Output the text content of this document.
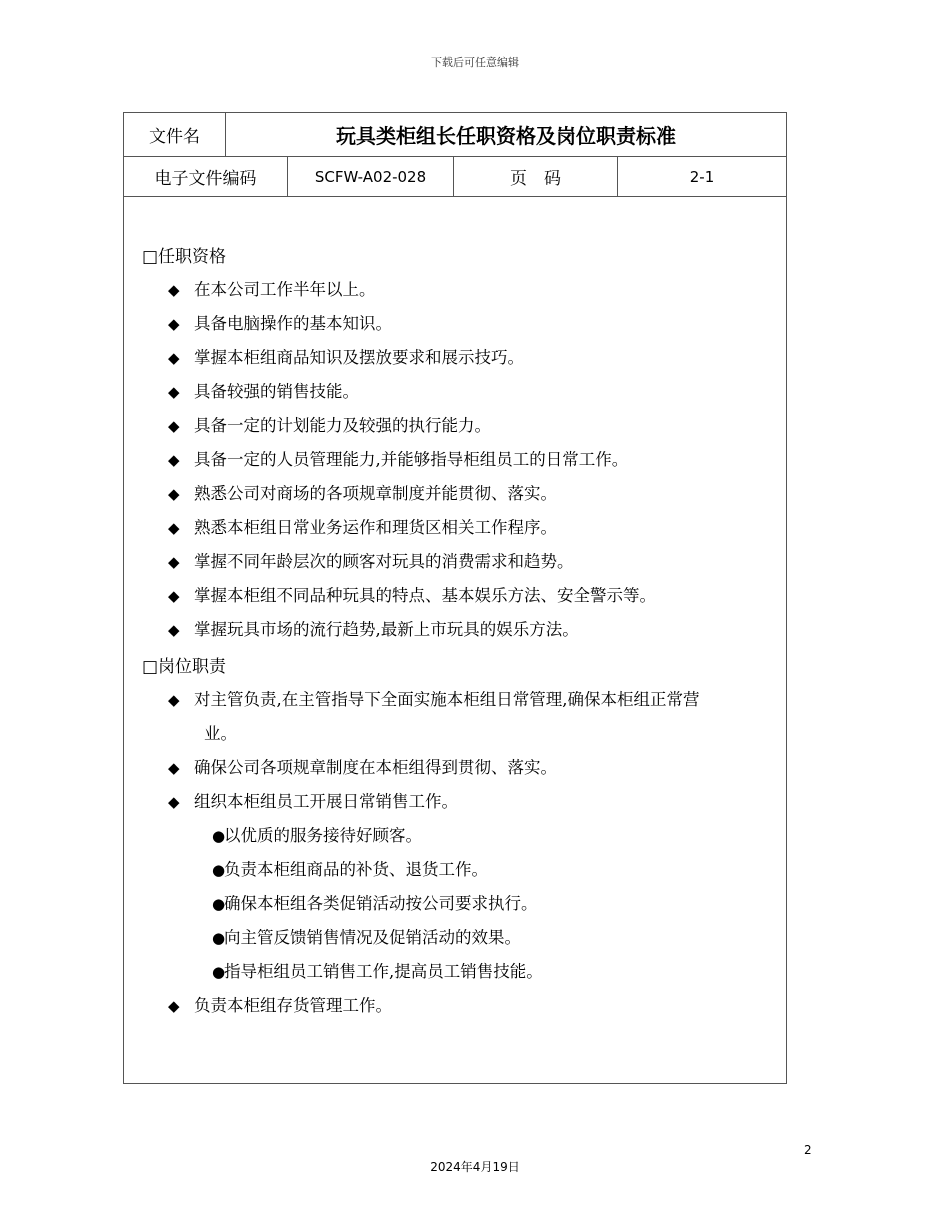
下载后可任意编辑
文件名	玩具类柜组长任职资格及岗位职责标准
电子文件编码	SCFW-A02-028	页　码	2-1
□任职资格
◆ 在本公司工作半年以上。
◆ 具备电脑操作的基本知识。
◆ 掌握本柜组商品知识及摆放要求和展示技巧。
◆ 具备较强的销售技能。
◆ 具备一定的计划能力及较强的执行能力。
◆ 具备一定的人员管理能力,并能够指导柜组员工的日常工作。
◆ 熟悉公司对商场的各项规章制度并能贯彻、落实。
◆ 熟悉本柜组日常业务运作和理货区相关工作程序。
◆ 掌握不同年龄层次的顾客对玩具的消费需求和趋势。
◆ 掌握本柜组不同品种玩具的特点、基本娱乐方法、安全警示等。
◆ 掌握玩具市场的流行趋势,最新上市玩具的娱乐方法。
□岗位职责
◆ 对主管负责,在主管指导下全面实施本柜组日常管理,确保本柜组正常营
业。
◆ 确保公司各项规章制度在本柜组得到贯彻、落实。
◆ 组织本柜组员工开展日常销售工作。
●以优质的服务接待好顾客。
●负责本柜组商品的补货、退货工作。
●确保本柜组各类促销活动按公司要求执行。
●向主管反馈销售情况及促销活动的效果。
●指导柜组员工销售工作,提高员工销售技能。
◆ 负责本柜组存货管理工作。
2
2024年4月19日
